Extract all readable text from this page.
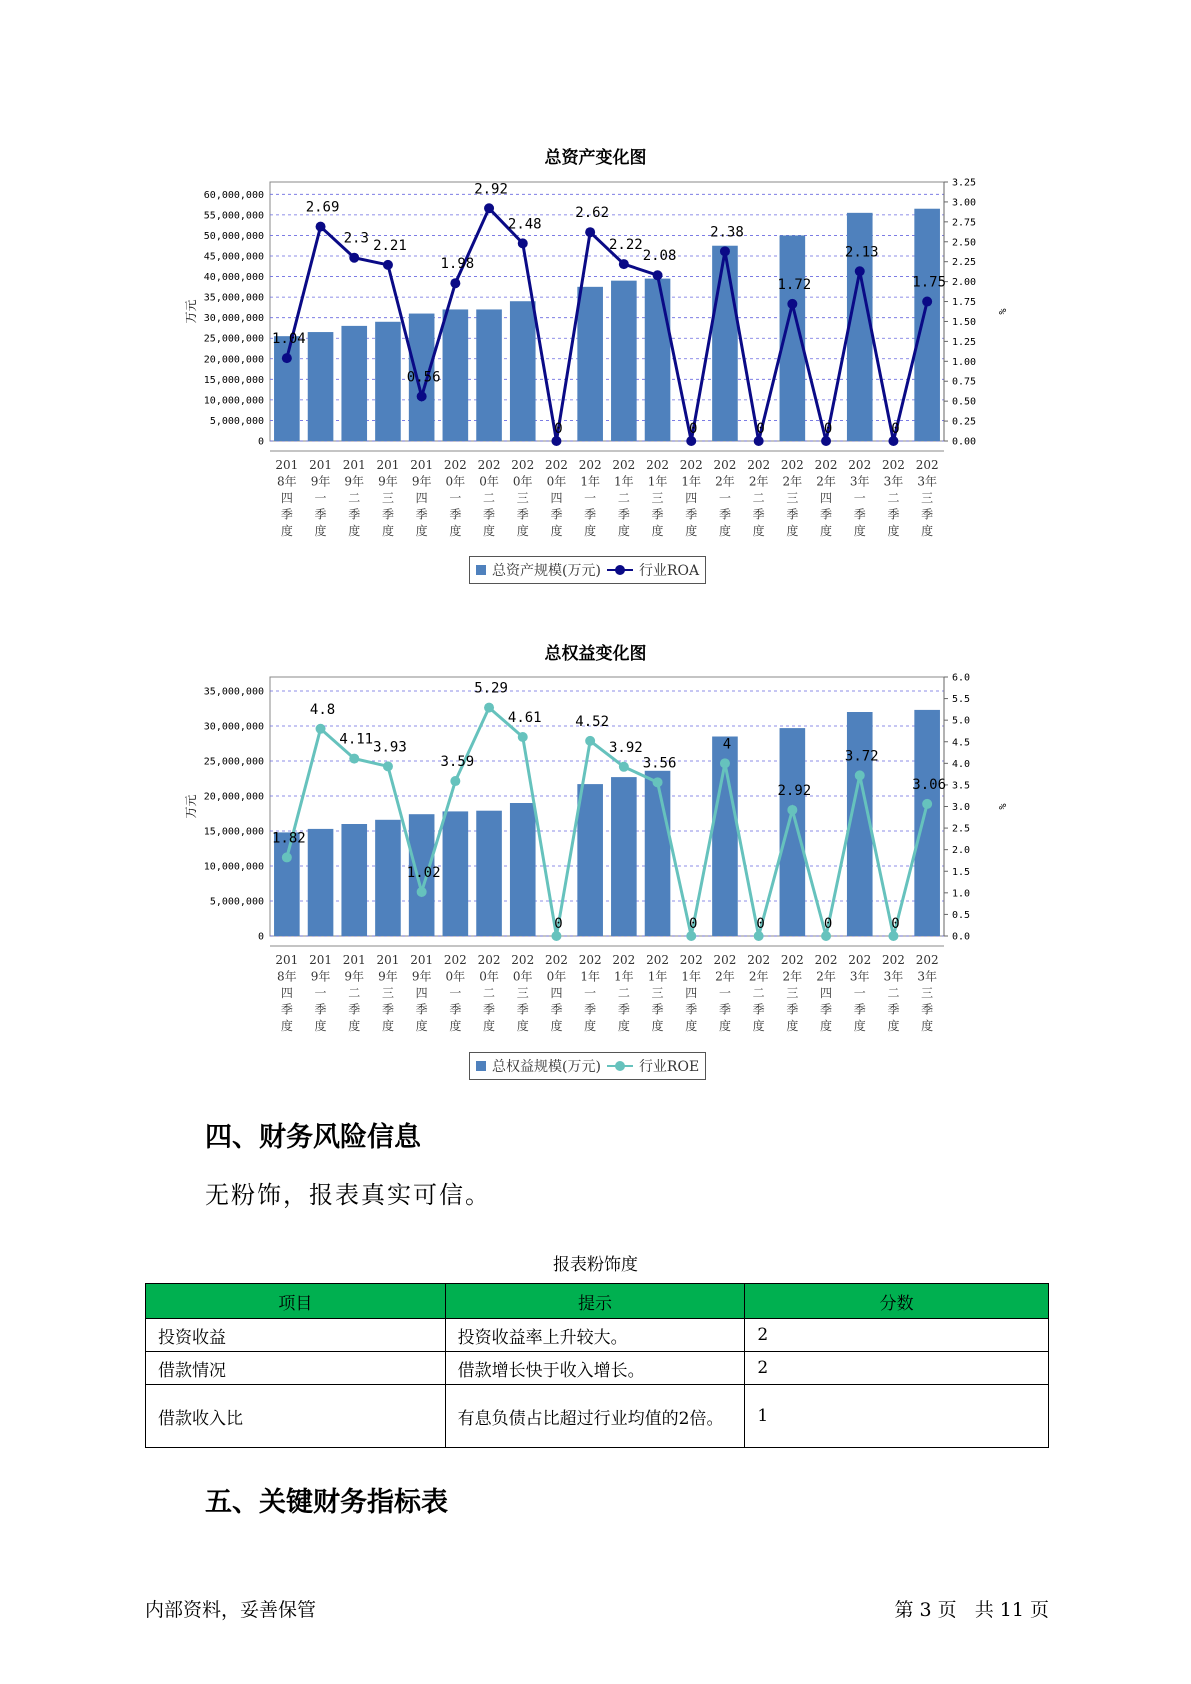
总资产变化图
0
5,000,000
10,000,000
15,000,000
20,000,000
25,000,000
30,000,000
35,000,000
40,000,000
45,000,000
50,000,000
55,000,000
60,000,000
0.00
0.25
0.50
0.75
1.00
1.25
1.50
1.75
2.00
2.25
2.50
2.75
3.00
3.25
万元	%
1.04
2.69
2.3 2.21
0.56
1.98
2.92
2.48
0
2.62
2.22
2.08
0
2.38
0
1.72
0
2.13
0
1.75
201 8年四季度
201 9年一季度
201 9年二季度
201 9年三季度
201 9年四季度
202 0年一季度
202 0年二季度
202 0年三季度
202 0年四季度
202 1年一季度
202 1年二季度
202 1年三季度
202 1年四季度
202 2年一季度
202 2年二季度
202 2年三季度
202 2年四季度
202 3年一季度
202 3年二季度
202 3年三季度
总资产规模(万元)	行业ROA
总权益变化图
0
5,000,000
10,000,000
15,000,000
20,000,000
25,000,000
30,000,000
35,000,000
0.0
0.5
1.0
1.5
2.0
2.5
3.0
3.5
4.0
4.5
5.0
5.5
6.0
万元	%
1.82
4.8
4.11 3.93
1.02
3.59
5.29
4.61
0
4.52
3.92
3.56
0
4
0
2.92
0
3.72
0
3.06
201 8年四季度
201 9年一季度
201 9年二季度
201 9年三季度
201 9年四季度
202 0年一季度
202 0年二季度
202 0年三季度
202 0年四季度
202 1年一季度
202 1年二季度
202 1年三季度
202 1年四季度
202 2年一季度
202 2年二季度
202 2年三季度
202 2年四季度
202 3年一季度
202 3年二季度
202 3年三季度
总权益规模(万元)	行业ROE
四、财务风险信息
无粉饰，报表真实可信。
报表粉饰度
项目	提示	分数
投资收益	投资收益率上升较大。	2
借款情况	借款增长快于收入增长。	2
借款收入比	有息负债占比超过行业均值的2倍。	1
五、关键财务指标表
内部资料，妥善保管	第 3 页   共 11 页
